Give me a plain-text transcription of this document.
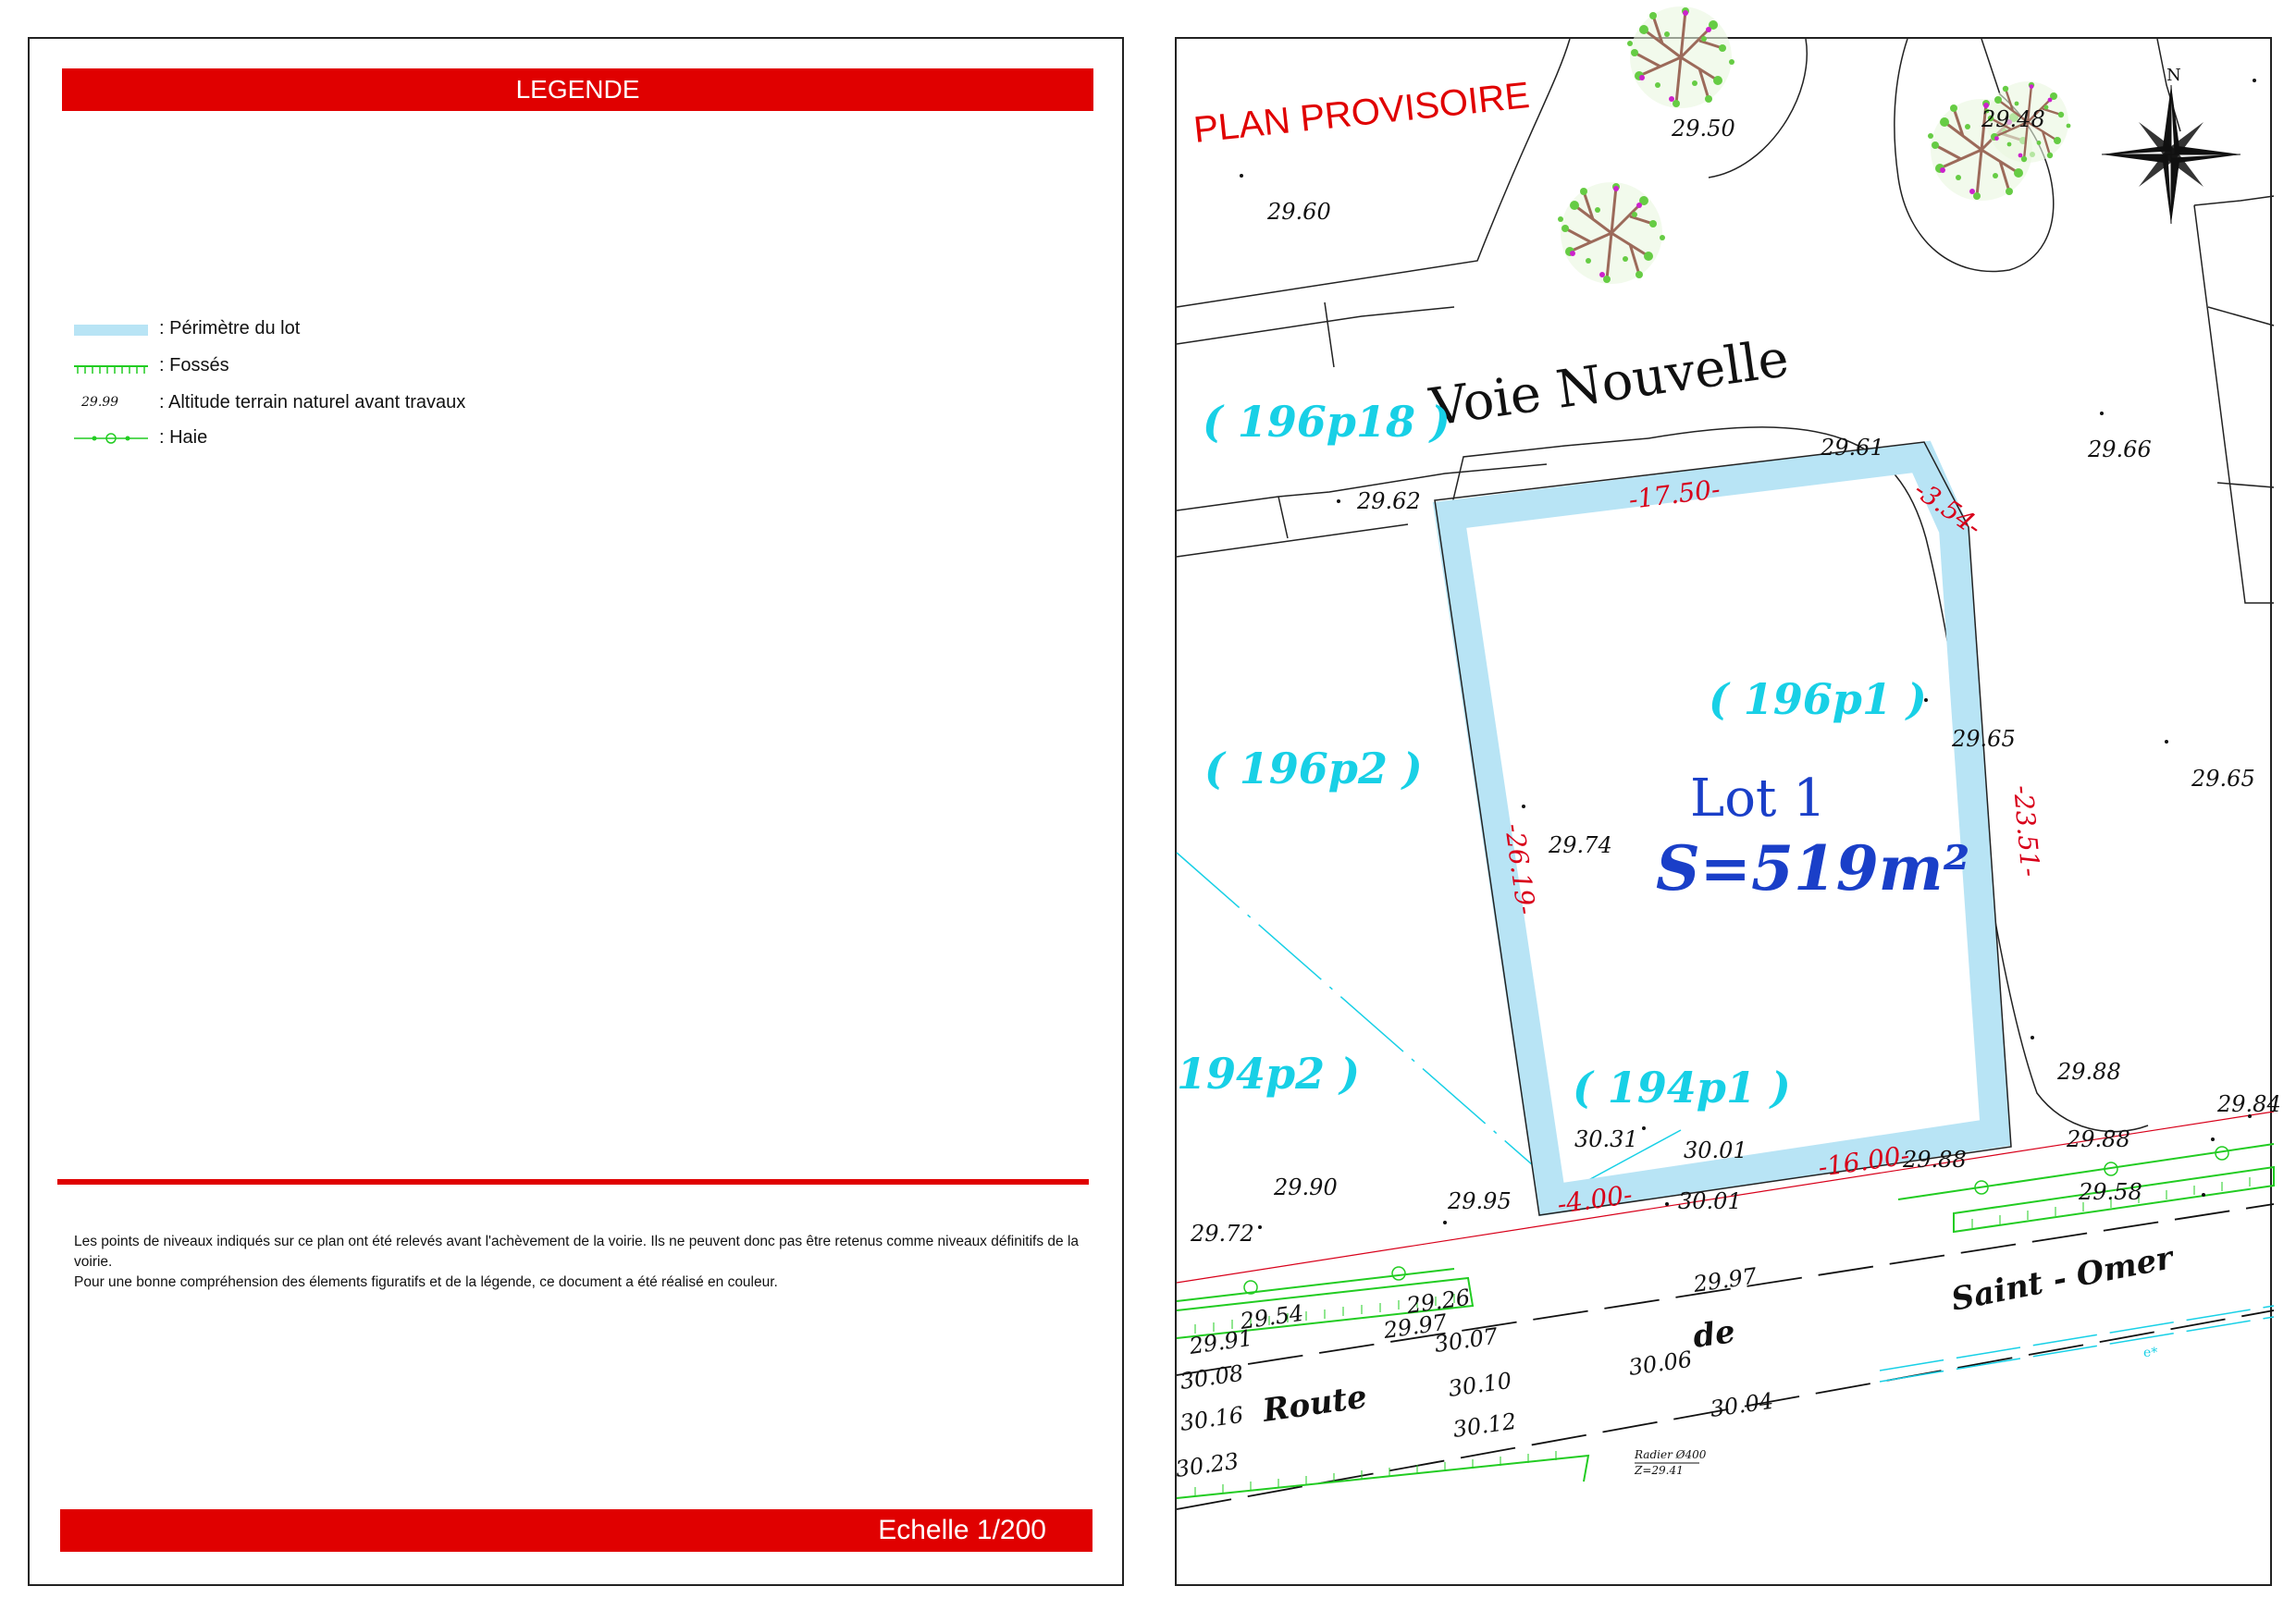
LEGENDE
: Périmètre du lot
: Fossés
29.99 : Altitude terrain naturel avant travaux
: Haie
Les points de niveaux indiqués sur ce plan ont été relevés avant l'achèvement de la voirie. Ils ne peuvent donc pas être retenus comme niveaux définitifs de la voirie.
Pour une bonne compréhension des élements figuratifs et de la légende, ce document a été réalisé en couleur.
Echelle 1/200
N
PLAN PROVISOIRE
Voie Nouvelle
-17.50-	-3.54-
-23.51-
-26.19-
-16.00-
-4.00-
( 196p18 )
( 196p2 )
( 196p1 )
194p2 )	( 194p1 )
Lot 1
S=519m²
29.50	29.48
29.60
29.61	29.66
29.62
29.65
29.65
29.74
29.88
29.84
29.88
29.88
29.58
30.31 30.01
30.01
29.90
29.95
29.72
29.97
29.26
29.54	29.97
29.91	30.07
30.08	30.06
30.10
30.16	30.04
30.12
30.23
Route
de
Saint - Omer
Radier Ø400
Z=29.41
e*
